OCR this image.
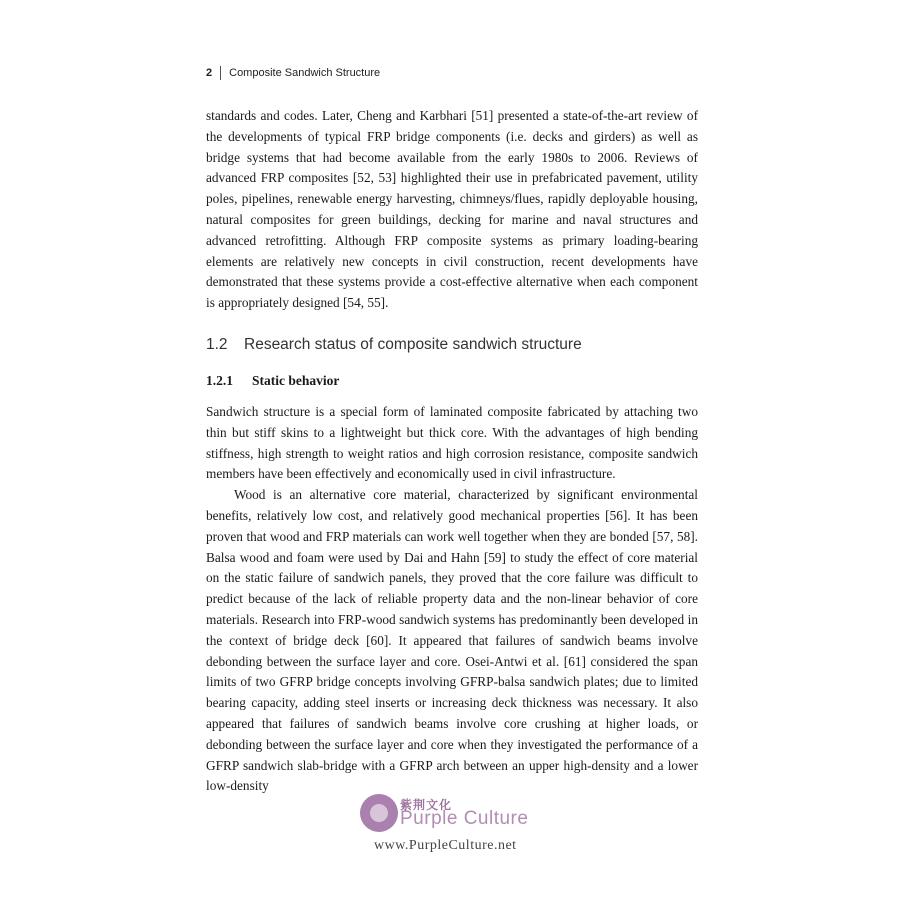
2 Composite Sandwich Structure

standards and codes. Later, Cheng and Karbhari [51] presented a state-of-the-art review of the developments of typical FRP bridge components (i.e. decks and girders) as well as bridge systems that had become available from the early 1980s to 2006. Reviews of advanced FRP composites [52, 53] highlighted their use in prefabricated pavement, utility poles, pipelines, renewable energy harvesting, chimneys/flues, rapidly deployable housing, natural composites for green buildings, decking for marine and naval structures and advanced retrofitting. Although FRP composite systems as primary loading-bearing elements are relatively new concepts in civil construction, recent developments have demonstrated that these systems provide a cost-effective alternative when each component is appropriately designed [54, 55].

1.2	Research status of composite sandwich structure
1.2.1	Static behavior

Sandwich structure is a special form of laminated composite fabricated by attaching two thin but stiff skins to a lightweight but thick core. With the advantages of high bending stiffness, high strength to weight ratios and high corrosion resistance, composite sandwich members have been effectively and economically used in civil infrastructure.

Wood is an alternative core material, characterized by significant environmental benefits, relatively low cost, and relatively good mechanical properties [56]. It has been proven that wood and FRP materials can work well together when they are bonded [57, 58]. Balsa wood and foam were used by Dai and Hahn [59] to study the effect of core material on the static failure of sandwich panels, they proved that the core failure was difficult to predict because of the lack of reliable property data and the non-linear behavior of core materials. Research into FRP-wood sandwich systems has predominantly been developed in the context of bridge deck [60]. It appeared that failures of sandwich beams involve debonding between the surface layer and core. Osei-Antwi et al. [61] considered the span limits of two GFRP bridge concepts involving GFRP-balsa sandwich plates; due to limited bearing capacity, adding steel inserts or increasing deck thickness was necessary. It also appeared that failures of sandwich beams involve core crushing at higher loads, or debonding between the surface layer and core when they investigated the performance of a GFRP sandwich slab-bridge with a GFRP arch between an upper high-density and a lower low-density

紫荆文化
Purple Culture
www.PurpleCulture.net
